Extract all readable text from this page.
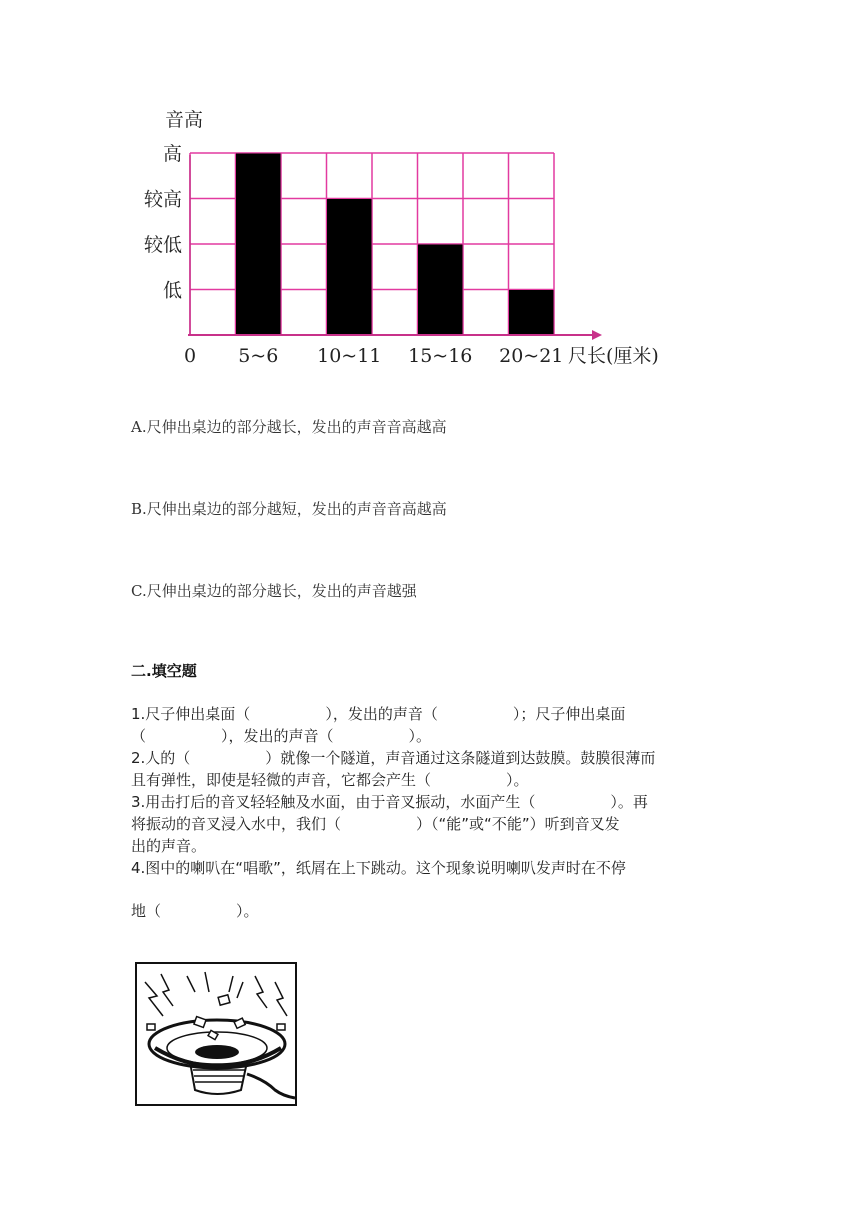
音高
低
较低
较高
高
5~6 10~11 15~16 20~21
0	尺长(厘米)
A.尺伸出桌边的部分越长，发出的声音音高越高
B.尺伸出桌边的部分越短，发出的声音音高越高
C.尺伸出桌边的部分越长，发出的声音越强
二.填空题

1.尺子伸出桌面（　　　　　），发出的声音（　　　　　）；尺子伸出桌面

（　　　　　），发出的声音（　　　　　）。

2.人的（　　　　　）就像一个隧道，声音通过这条隧道到达鼓膜。鼓膜很薄而

且有弹性，即使是轻微的声音，它都会产生（　　　　　）。

3.用击打后的音叉轻轻触及水面，由于音叉振动，水面产生（　　　　　）。再

将振动的音叉浸入水中，我们（　　　　　）（“能”或“不能”）听到音叉发

出的声音。

4.图中的喇叭在“唱歌”，纸屑在上下跳动。这个现象说明喇叭发声时在不停

地（　　　　　）。
